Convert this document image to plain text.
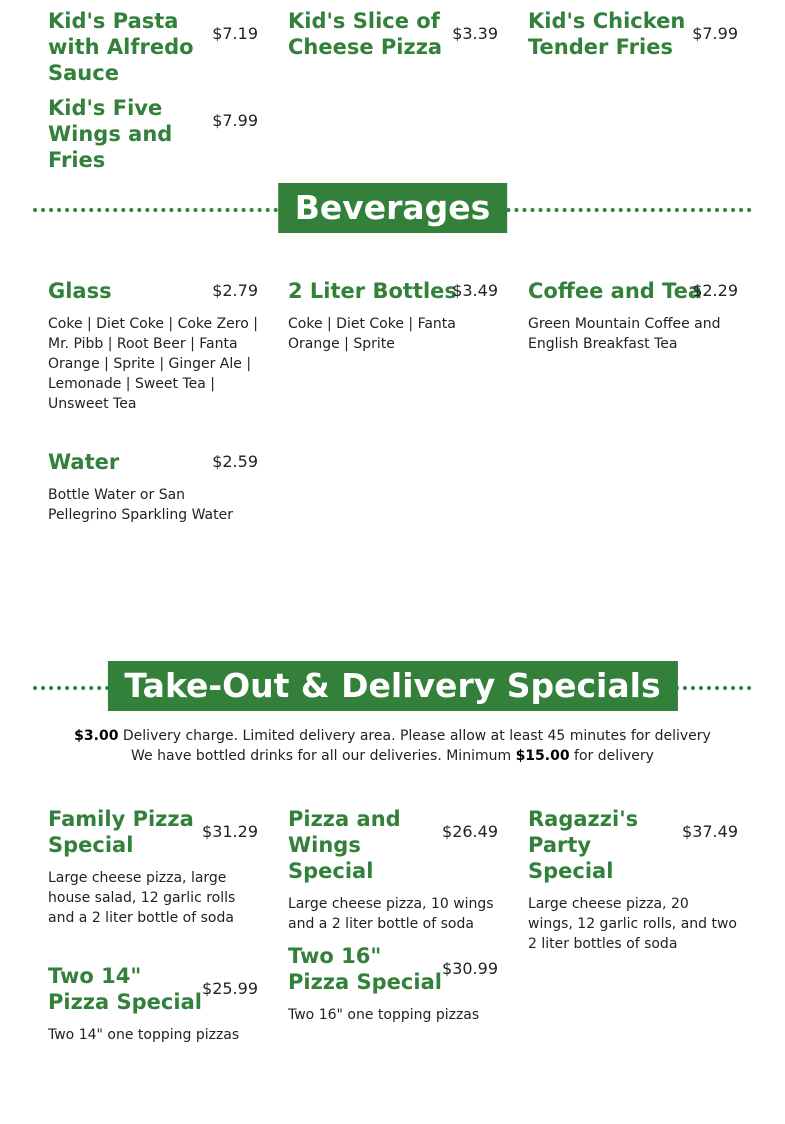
$7.19
Kid's Pasta with Alfredo Sauce
$3.39
Kid's Slice of Cheese Pizza
$7.99
Kid's Chicken Tender Fries
$7.99
Kid's Five Wings and Fries
Beverages
$2.79
Glass
Coke | Diet Coke | Coke Zero | Mr. Pibb | Root Beer | Fanta Orange | Sprite | Ginger Ale | Lemonade | Sweet Tea | Unsweet Tea
$3.49
2 Liter Bottles
Coke | Diet Coke | Fanta Orange | Sprite
$2.29
Coffee and Tea
Green Mountain Coffee and English Breakfast Tea
$2.59
Water
Bottle Water or San Pellegrino Sparkling Water
Take-Out & Delivery Specials
$3.00 Delivery charge. Limited delivery area. Please allow at least 45 minutes for delivery
We have bottled drinks for all our deliveries. Minimum $15.00 for delivery
$31.29
Family Pizza Special
Large cheese pizza, large house salad, 12 garlic rolls and a 2 liter bottle of soda
$26.49
Pizza and Wings Special
Large cheese pizza, 10 wings and a 2 liter bottle of soda
$37.49
Ragazzi's Party Special
Large cheese pizza, 20 wings, 12 garlic rolls, and two 2 liter bottles of soda
$25.99
Two 14" Pizza Special
Two 14" one topping pizzas
$30.99
Two 16" Pizza Special
Two 16" one topping pizzas
